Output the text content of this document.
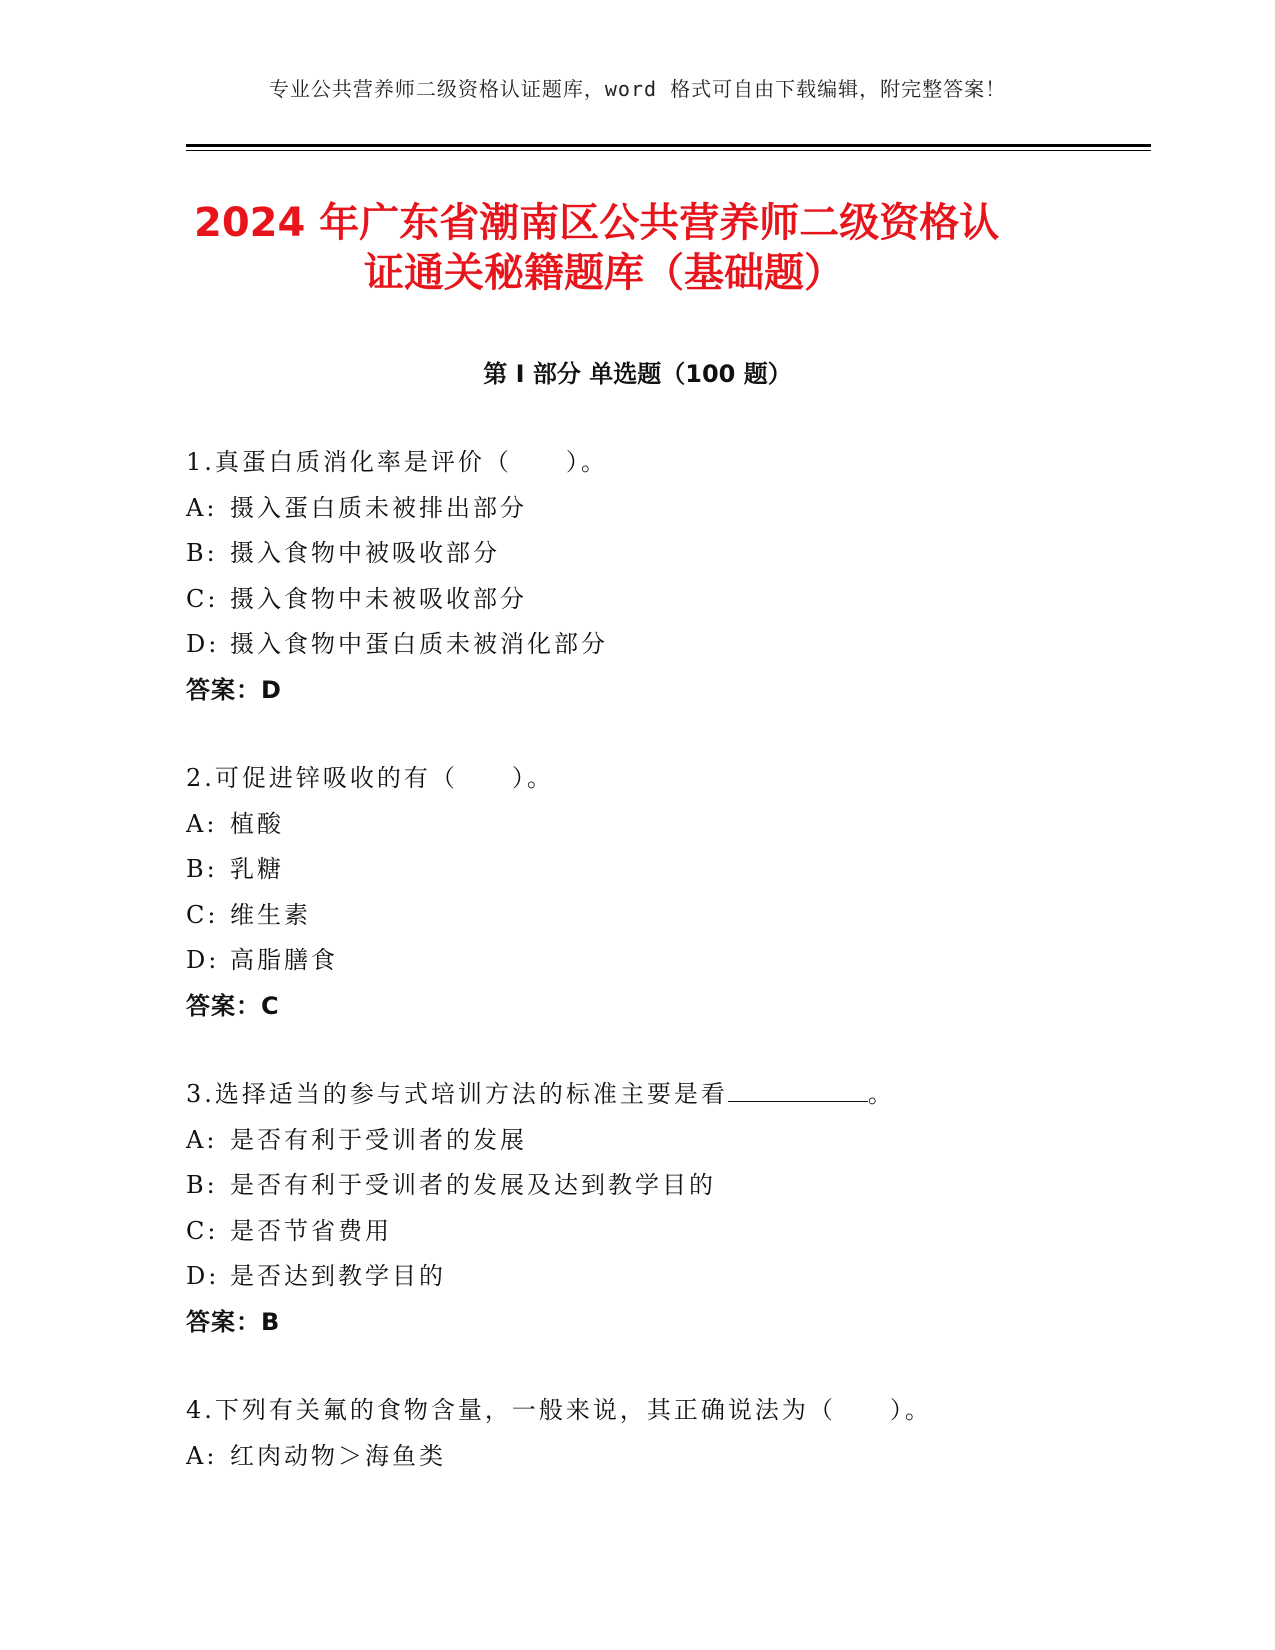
专业公共营养师二级资格认证题库，word 格式可自由下载编辑，附完整答案！
2024 年广东省潮南区公共营养师二级资格认
证通关秘籍题库（基础题）
第 I 部分 单选题（100 题）
1.真蛋白质消化率是评价（　　）。
A: 摄入蛋白质未被排出部分
B: 摄入食物中被吸收部分
C: 摄入食物中未被吸收部分
D: 摄入食物中蛋白质未被消化部分
答案：D
2.可促进锌吸收的有（　　）。
A: 植酸
B: 乳糖
C: 维生素
D: 高脂膳食
答案：C
3.选择适当的参与式培训方法的标准主要是看	。
A: 是否有利于受训者的发展
B: 是否有利于受训者的发展及达到教学目的
C: 是否节省费用
D: 是否达到教学目的
答案：B
4.下列有关氟的食物含量，一般来说，其正确说法为（　　）。
A: 红肉动物＞海鱼类
